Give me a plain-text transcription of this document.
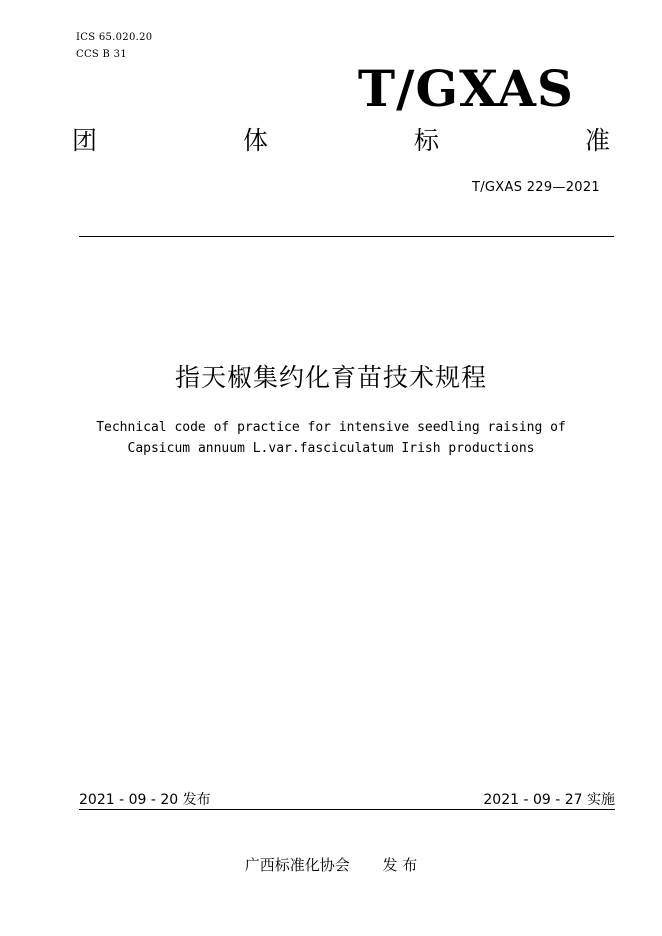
ICS 65.020.20
CCS B 31
T/GXAS
团	体	标	准
T/GXAS 229—2021
指天椒集约化育苗技术规程
Technical code of practice for intensive seedling raising of
Capsicum annuum L.var.fasciculatum Irish productions
2021 - 09 - 20 发布	2021 - 09 - 27 实施
广西标准化协会 发 布
